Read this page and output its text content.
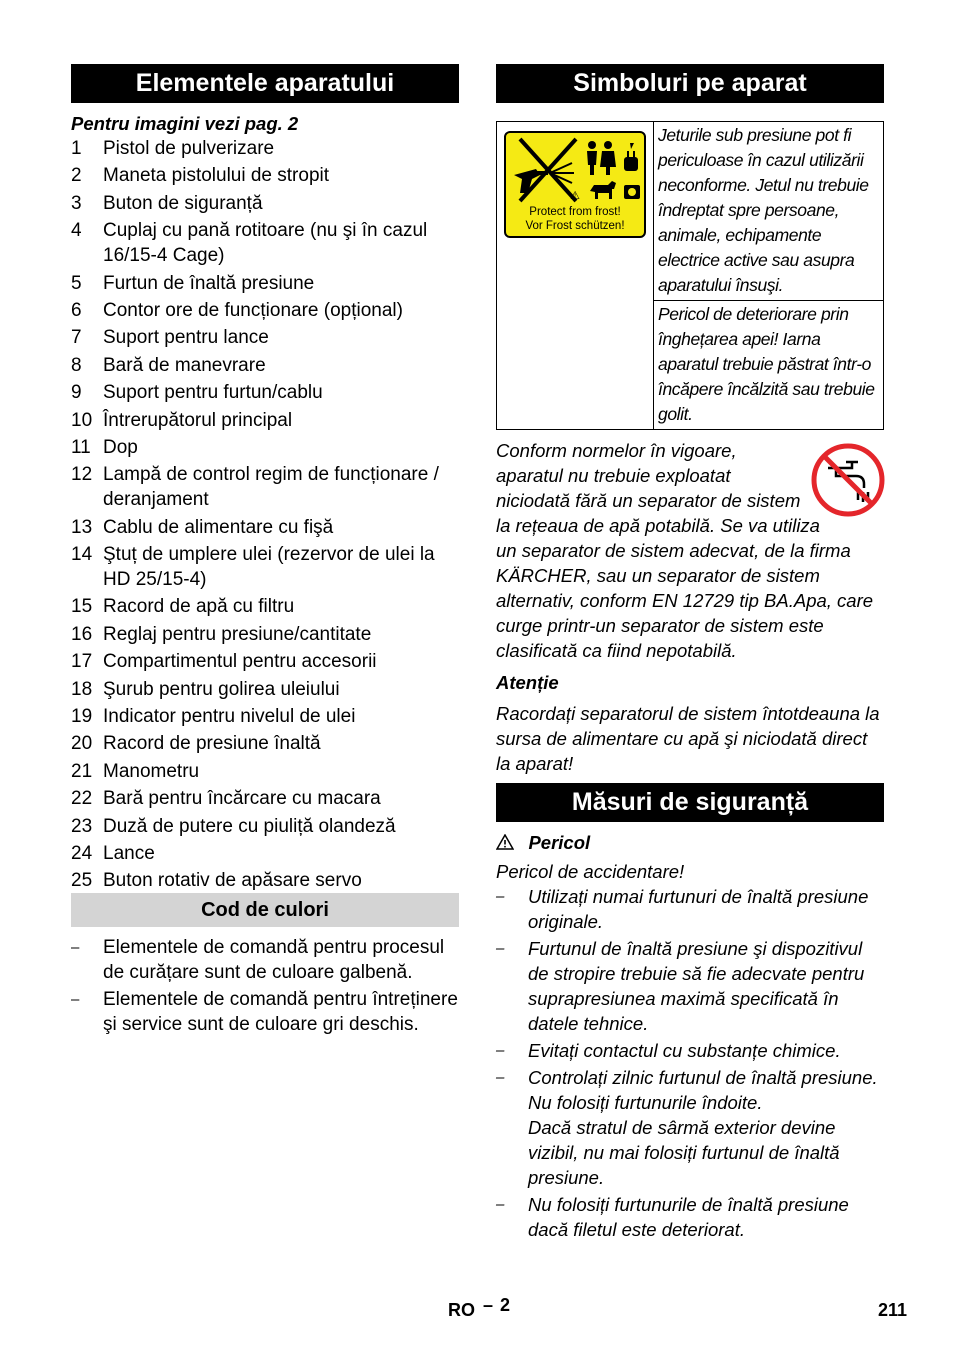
Elementele aparatului
Pentru imagini vezi pag. 2
1 Pistol de pulverizare
2 Maneta pistolului de stropit
3 Buton de siguranță
4 Cuplaj cu pană rotitoare (nu şi în cazul 16/15-4 Cage)
5 Furtun de înaltă presiune
6 Contor ore de funcționare (opțional)
7 Suport pentru lance
8 Bară de manevrare
9 Suport pentru furtun/cablu
10 Întrerupătorul principal
11 Dop
12 Lampă de control regim de funcționare / deranjament
13 Cablu de alimentare cu fişă
14 Ştuț de umplere ulei (rezervor de ulei la HD 25/15-4)
15 Racord de apă cu filtru
16 Reglaj pentru presiune/cantitate
17 Compartimentul pentru accesorii
18 Şurub pentru golirea uleiului
19 Indicator pentru nivelul de ulei
20 Racord de presiune înaltă
21 Manometru
22 Bară pentru încărcare cu macara
23 Duză de putere cu piuliță olandeză
24 Lance
25 Buton rotativ de apăsare servo
Cod de culori
– Elementele de comandă pentru procesul de curățare sunt de culoare galbenă.
– Elementele de comandă pentru întreținere şi service sunt de culoare gri deschis.
Simboluri pe aparat
⚠
Protect from frost!
Vor Frost schützen!
	Jeturile sub presiune pot fi periculoase în cazul utilizării neconforme. Jetul nu trebuie îndreptat spre persoane, animale, echipamente electrice active sau asupra aparatului însuşi.
Pericol de deteriorare prin înghețarea apei! Iarna aparatul trebuie păstrat într-o încăpere încălzită sau trebuie golit.
Conform normelor în vigoare, aparatul nu trebuie exploatat niciodată fără un separator de sistem la rețeaua de apă potabilă. Se va utiliza un separator de sistem adecvat, de la firma KÄRCHER, sau un separator de sistem alternativ, conform EN 12729 tip BA.Apa, care curge printr-un separator de sistem este clasificată ca fiind nepotabilă.
Atenție
Racordați separatorul de sistem întotdeauna la sursa de alimentare cu apă şi niciodată direct la aparat!
Măsuri de siguranță
Pericol
Pericol de accidentare!
– Utilizați numai furtunuri de înaltă presiune originale.

– Furtunul de înaltă presiune şi dispozitivul de stropire trebuie să fie adecvate pentru suprapresiunea maximă specificată în datele tehnice.

– Evitați contactul cu substanțe chimice.

– Controlați zilnic furtunul de înaltă presiune.

Nu folosiți furtunurile îndoite.

Dacă stratul de sârmă exterior devine vizibil, nu mai folosiți furtunul de înaltă presiune.

– Nu folosiți furtunurile de înaltă presiune dacă filetul este deteriorat.

RO – 2	211
